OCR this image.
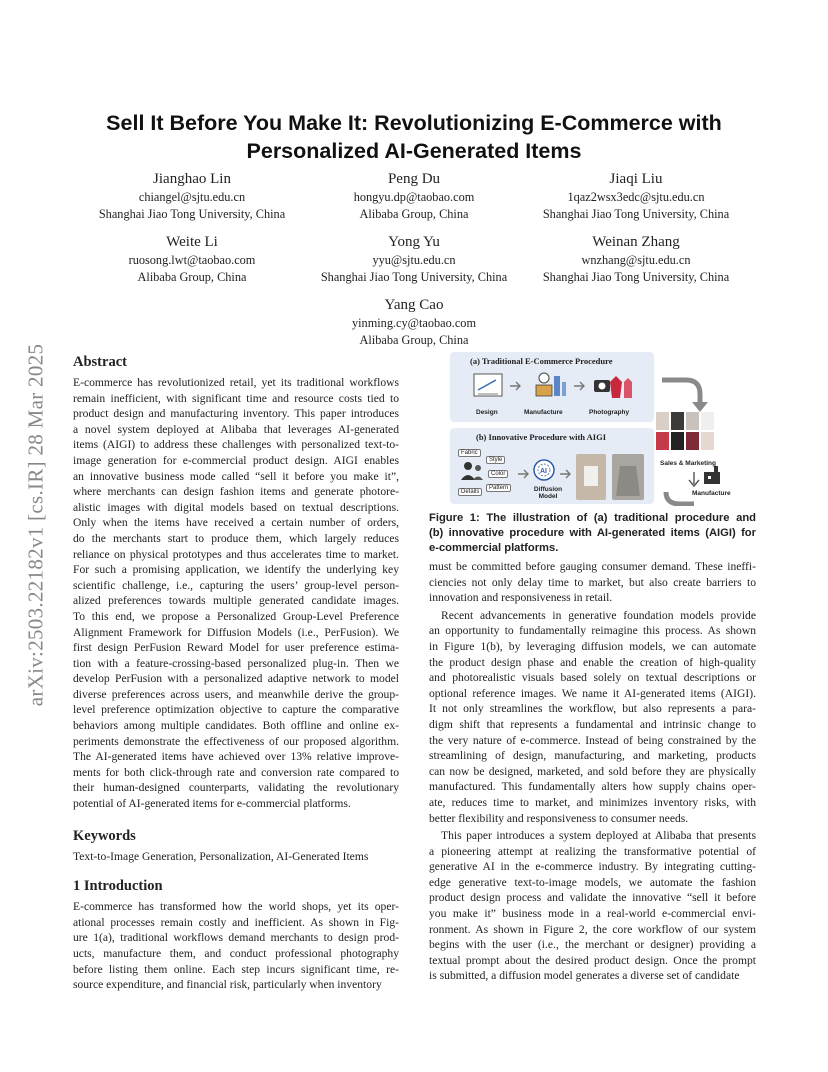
arXiv:2503.22182v1 [cs.IR] 28 Mar 2025
Sell It Before You Make It: Revolutionizing E-Commerce with
Personalized AI-Generated Items
Jianghao Lin
chiangel@sjtu.edu.cn
Shanghai Jiao Tong University, China
Peng Du
hongyu.dp@taobao.com
Alibaba Group, China
Jiaqi Liu
1qaz2wsx3edc@sjtu.edu.cn
Shanghai Jiao Tong University, China
Weite Li
ruosong.lwt@taobao.com
Alibaba Group, China
Yong Yu
yyu@sjtu.edu.cn
Shanghai Jiao Tong University, China
Weinan Zhang
wnzhang@sjtu.edu.cn
Shanghai Jiao Tong University, China
Yang Cao
yinming.cy@taobao.com
Alibaba Group, China
Abstract
E-commerce has revolutionized retail, yet its traditional workflows
remain inefficient, with significant time and resource costs tied to
product design and manufacturing inventory. This paper introduces
a novel system deployed at Alibaba that leverages AI-generated
items (AIGI) to address these challenges with personalized text-to-
image generation for e-commercial product design. AIGI enables
an innovative business mode called “sell it before you make it”,
where merchants can design fashion items and generate photore-
alistic images with digital models based on textual descriptions.
Only when the items have received a certain number of orders,
do the merchants start to produce them, which largely reduces
reliance on physical prototypes and thus accelerates time to market.
For such a promising application, we identify the underlying key
scientific challenge, i.e., capturing the users’ group-level person-
alized preferences towards multiple generated candidate images.
To this end, we propose a Personalized Group-Level Preference
Alignment Framework for Diffusion Models (i.e., PerFusion). We
first design PerFusion Reward Model for user preference estima-
tion with a feature-crossing-based personalized plug-in. Then we
develop PerFusion with a personalized adaptive network to model
diverse preferences across users, and meanwhile derive the group-
level preference optimization objective to capture the comparative
behaviors among multiple candidates. Both offline and online ex-
periments demonstrate the effectiveness of our proposed algorithm.
The AI-generated items have achieved over 13% relative improve-
ments for both click-through rate and conversion rate compared to
their human-designed counterparts, validating the revolutionary
potential of AI-generated items for e-commercial platforms.
Keywords
Text-to-Image Generation, Personalization, AI-Generated Items
1 Introduction
E-commerce has transformed how the world shops, yet its oper-
ational processes remain costly and inefficient. As shown in Fig-
ure 1(a), traditional workflows demand merchants to design prod-
ucts, manufacture them, and conduct professional photography
before listing them online. Each step incurs significant time, re-
source expenditure, and financial risk, particularly when inventory
(a) Traditional E-Commerce Procedure
Design	Manufacture	Photography
(b) Innovative Procedure with AIGI
Fabric
Style
Color
Pattern
Details
AI
Diffusion
Model
Sales & Marketing
Manufacture
Figure 1: The illustration of (a) traditional procedure and
(b) innovative procedure with AI-generated items (AIGI) for
e-commercial platforms.
must be committed before gauging consumer demand. These ineffi-
ciencies not only delay time to market, but also create barriers to
innovation and responsiveness in retail.
Recent advancements in generative foundation models provide
an opportunity to fundamentally reimagine this process. As shown
in Figure 1(b), by leveraging diffusion models, we can automate
the product design phase and enable the creation of high-quality
and photorealistic visuals based solely on textual descriptions or
optional reference images. We name it AI-generated items (AIGI).
It not only streamlines the workflow, but also represents a para-
digm shift that represents a fundamental and intrinsic change to
the very nature of e-commerce. Instead of being constrained by the
streamlining of design, manufacturing, and marketing, products
can now be designed, marketed, and sold before they are physically
manufactured. This fundamentally alters how supply chains oper-
ate, reduces time to market, and minimizes inventory risks, with
better flexibility and responsiveness to consumer needs.
This paper introduces a system deployed at Alibaba that presents
a pioneering attempt at realizing the transformative potential of
generative AI in the e-commerce industry. By integrating cutting-
edge generative text-to-image models, we automate the fashion
product design process and validate the innovative “sell it before
you make it” business mode in a real-world e-commercial envi-
ronment. As shown in Figure 2, the core workflow of our system
begins with the user (i.e., the merchant or designer) providing a
textual prompt about the desired product design. Once the prompt
is submitted, a diffusion model generates a diverse set of candidate
